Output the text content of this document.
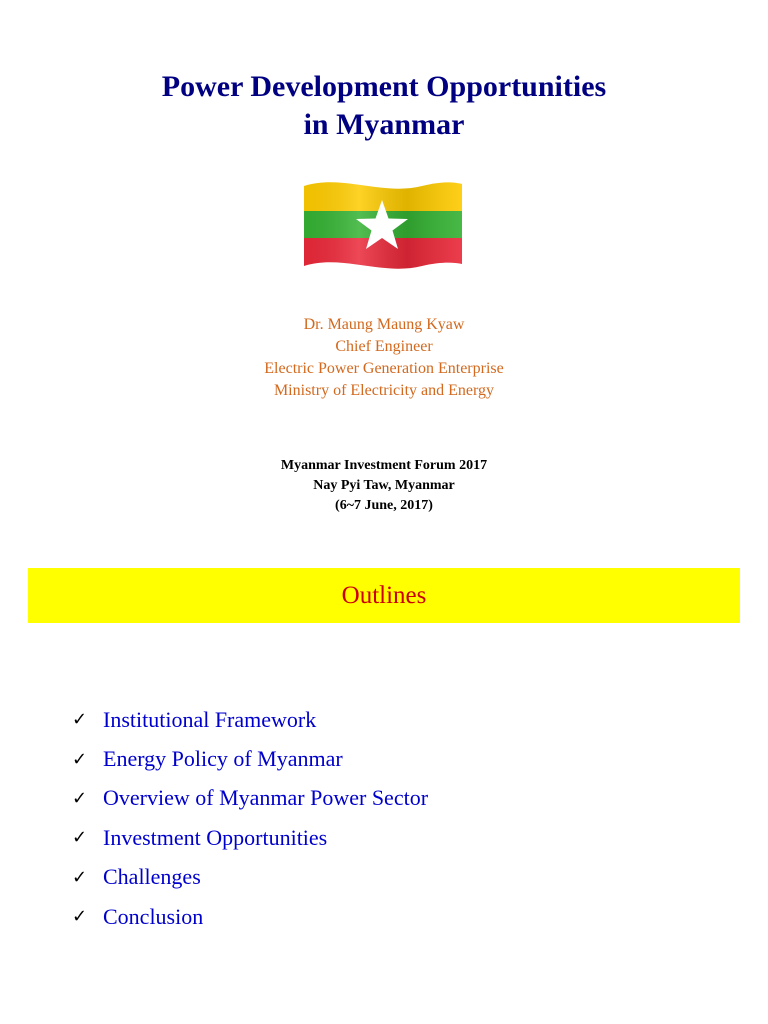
Power Development Opportunities
in Myanmar
Dr. Maung Maung Kyaw
Chief Engineer
Electric Power Generation Enterprise
Ministry of Electricity and Energy
Myanmar Investment Forum 2017
Nay Pyi Taw, Myanmar
(6~7 June, 2017)
Outlines
✓ Institutional Framework
✓ Energy Policy of Myanmar
✓ Overview of Myanmar Power Sector
✓ Investment Opportunities
✓ Challenges
✓ Conclusion
